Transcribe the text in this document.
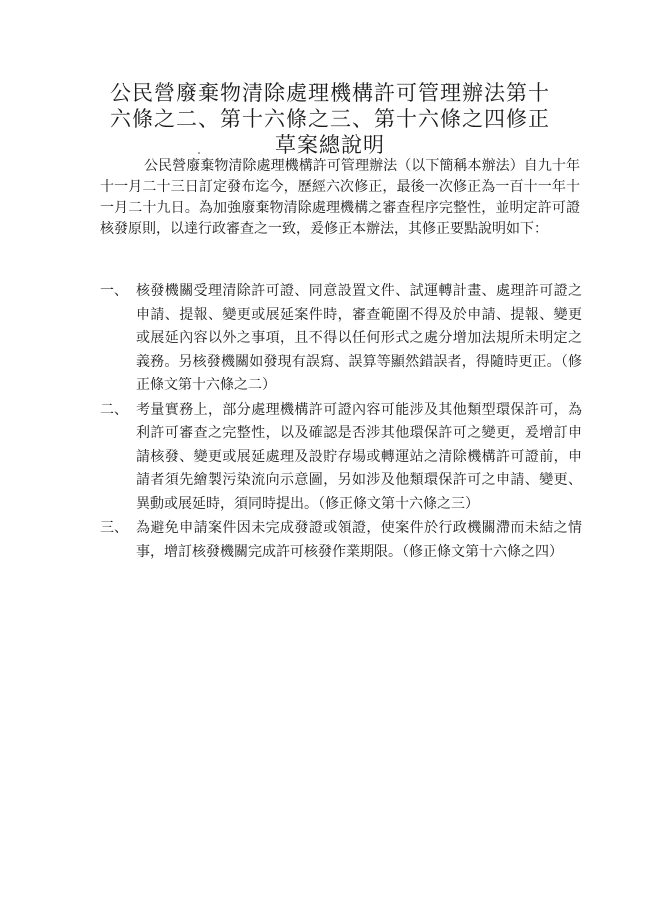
公民營廢棄物清除處理機構許可管理辦法第十六條之二、第十六條之三、第十六條之四修正草案總說明
公民營廢棄物清除處理機構許可管理辦法（以下簡稱本辦法）自九十年十一月二十三日訂定發布迄今，歷經六次修正，最後一次修正為一百十一年十一月二十九日。為加強廢棄物清除處理機構之審查程序完整性，並明定許可證核發原則，以達行政審查之一致，爰修正本辦法，其修正要點說明如下：
一、 核發機關受理清除許可證、同意設置文件、試運轉計畫、處理許可證之申請、提報、變更或展延案件時，審查範圍不得及於申請、提報、變更或展延內容以外之事項，且不得以任何形式之處分增加法規所未明定之義務。另核發機關如發現有誤寫、誤算等顯然錯誤者，得隨時更正。（修正條文第十六條之二）
二、 考量實務上，部分處理機構許可證內容可能涉及其他類型環保許可，為利許可審查之完整性，以及確認是否涉其他環保許可之變更，爰增訂申請核發、變更或展延處理及設貯存場或轉運站之清除機構許可證前，申請者須先繪製污染流向示意圖，另如涉及他類環保許可之申請、變更、異動或展延時，須同時提出。（修正條文第十六條之三）
三、 為避免申請案件因未完成發證或領證，使案件於行政機關滯而未結之情事，增訂核發機關完成許可核發作業期限。（修正條文第十六條之四）
